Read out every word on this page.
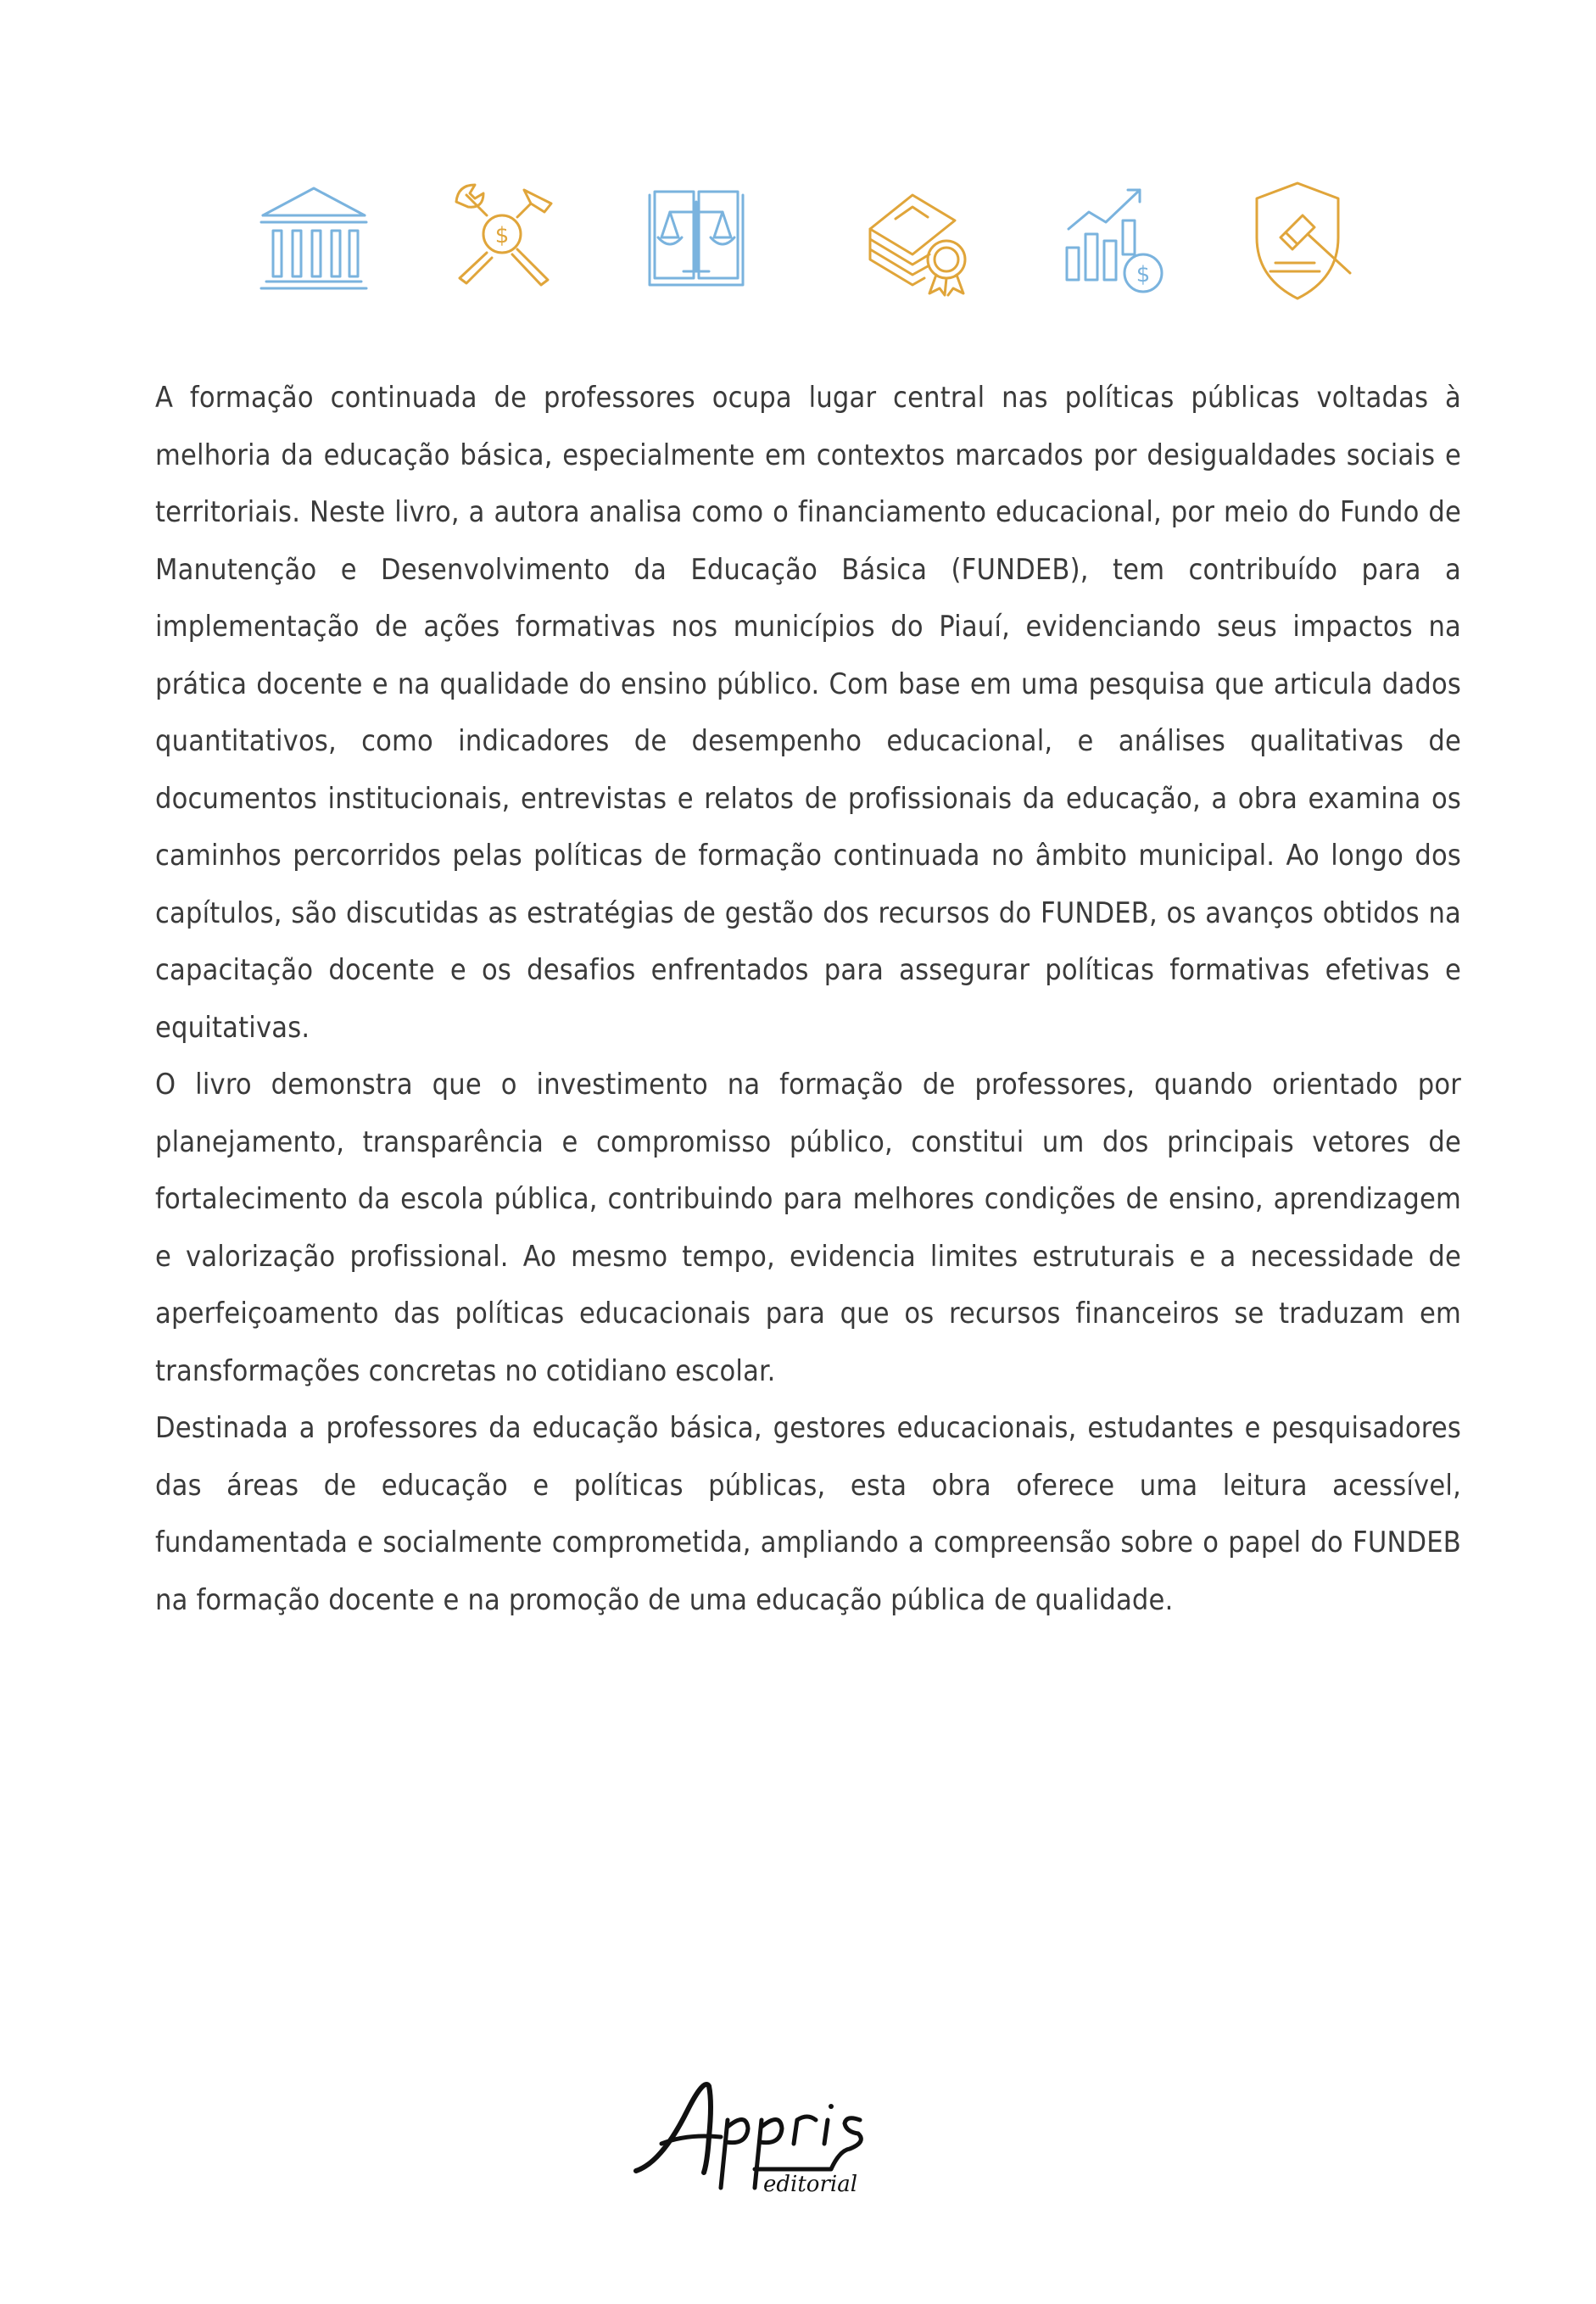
$
$

A formação continuada de professores ocupa lugar central nas políticas públicas voltadas à melhoria da educação básica, especialmente em contextos marcados por desigualdades sociais e territoriais. Neste livro, a autora analisa como o financiamento educacional, por meio do Fundo de Manutenção e Desenvolvimento da Educação Básica (FUNDEB), tem contribuído para a implementação de ações formativas nos municípios do Piauí, evidenciando seus impactos na prática docente e na qualidade do ensino público. Com base em uma pesquisa que articula dados quantitativos, como indicadores de desempenho educacional, e análises qualitativas de documentos institucionais, entrevistas e relatos de profissionais da educação, a obra examina os caminhos percorridos pelas políticas de formação continuada no âmbito municipal. Ao longo dos capítulos, são discutidas as estratégias de gestão dos recursos do FUNDEB, os avanços obtidos na capacitação docente e os desafios enfrentados para assegurar políticas formativas efetivas e equitativas.

O livro demonstra que o investimento na formação de professores, quando orientado por planejamento, transparência e compromisso público, constitui um dos principais vetores de fortalecimento da escola pública, contribuindo para melhores condições de ensino, aprendizagem e valorização profissional. Ao mesmo tempo, evidencia limites estruturais e a necessidade de aperfeiçoamento das políticas educacionais para que os recursos financeiros se traduzam em transformações concretas no cotidiano escolar.

Destinada a professores da educação básica, gestores educacionais, estudantes e pesquisadores das áreas de educação e políticas públicas, esta obra oferece uma leitura acessível, fundamentada e socialmente comprometida, ampliando a compreensão sobre o papel do FUNDEB na formação docente e na promoção de uma educação pública de qualidade.

editorial
